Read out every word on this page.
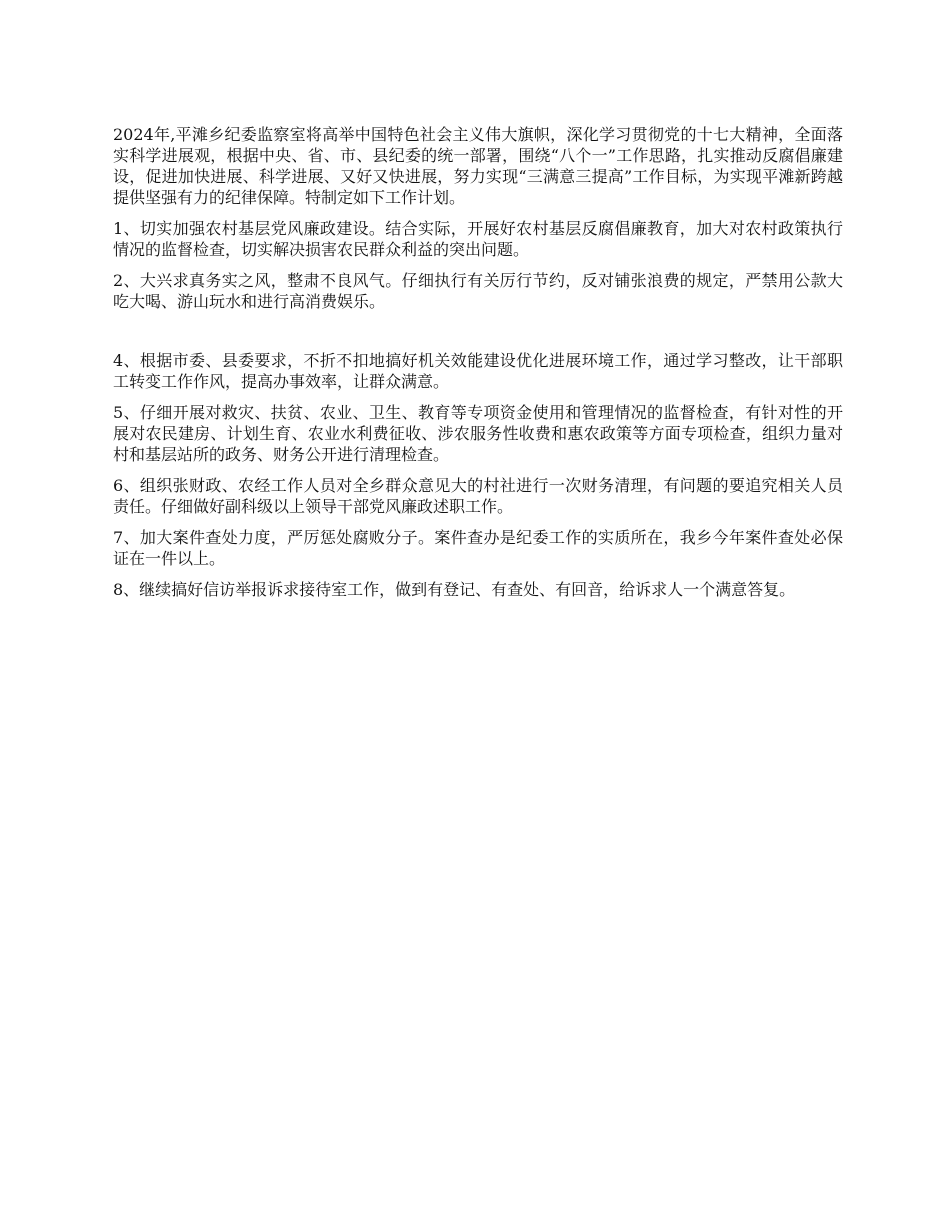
2024年,平滩乡纪委监察室将高举中国特色社会主义伟大旗帜，深化学习贯彻党的十七大精神，全面落实科学进展观，根据中央、省、市、县纪委的统一部署，围绕“八个一”工作思路，扎实推动反腐倡廉建设，促进加快进展、科学进展、又好又快进展，努力实现“三满意三提高”工作目标，为实现平滩新跨越提供坚强有力的纪律保障。特制定如下工作计划。

1、切实加强农村基层党风廉政建设。结合实际，开展好农村基层反腐倡廉教育，加大对农村政策执行情况的监督检查，切实解决损害农民群众利益的突出问题。

2、大兴求真务实之风，整肃不良风气。仔细执行有关厉行节约，反对铺张浪费的规定，严禁用公款大吃大喝、游山玩水和进行高消费娱乐。

4、根据市委、县委要求，不折不扣地搞好机关效能建设优化进展环境工作，通过学习整改，让干部职工转变工作作风，提高办事效率，让群众满意。

5、仔细开展对救灾、扶贫、农业、卫生、教育等专项资金使用和管理情况的监督检查，有针对性的开展对农民建房、计划生育、农业水利费征收、涉农服务性收费和惠农政策等方面专项检查，组织力量对村和基层站所的政务、财务公开进行清理检查。

6、组织张财政、农经工作人员对全乡群众意见大的村社进行一次财务清理，有问题的要追究相关人员责任。仔细做好副科级以上领导干部党风廉政述职工作。

7、加大案件查处力度，严厉惩处腐败分子。案件查办是纪委工作的实质所在，我乡今年案件查处必保证在一件以上。

8、继续搞好信访举报诉求接待室工作，做到有登记、有查处、有回音，给诉求人一个满意答复。
